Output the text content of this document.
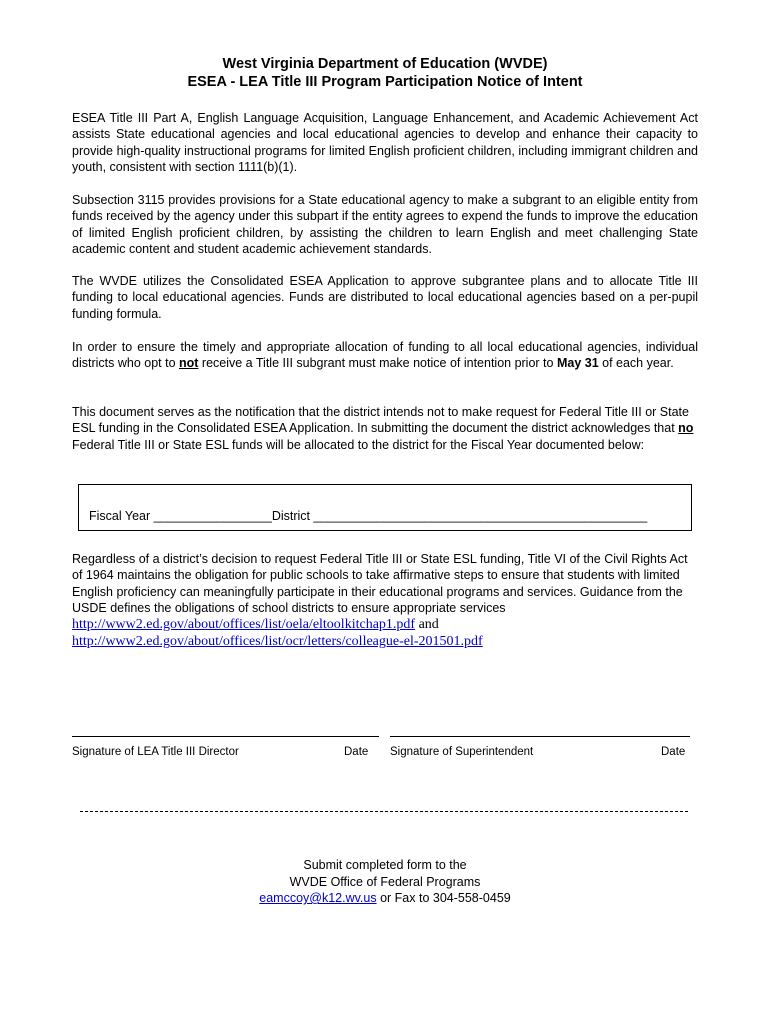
West Virginia Department of Education (WVDE)
ESEA - LEA Title III Program Participation Notice of Intent
ESEA Title III Part A, English Language Acquisition, Language Enhancement, and Academic Achievement Act assists State educational agencies and local educational agencies to develop and enhance their capacity to provide high-quality instructional programs for limited English proficient children, including immigrant children and youth, consistent with section 1111(b)(1).
Subsection 3115 provides provisions for a State educational agency to make a subgrant to an eligible entity from funds received by the agency under this subpart if the entity agrees to expend the funds to improve the education of limited English proficient children, by assisting the children to learn English and meet challenging State academic content and student academic achievement standards.
The WVDE utilizes the Consolidated ESEA Application to approve subgrantee plans and to allocate Title III funding to local educational agencies. Funds are distributed to local educational agencies based on a per-pupil funding formula.
In order to ensure the timely and appropriate allocation of funding to all local educational agencies, individual districts who opt to not receive a Title III subgrant must make notice of intention prior to May 31 of each year.
This document serves as the notification that the district intends not to make request for Federal Title III or State ESL funding in the Consolidated ESEA Application. In submitting the document the district acknowledges that no Federal Title III or State ESL funds will be allocated to the district for the Fiscal Year documented below:
Fiscal Year _________________District ________________________________________________
Regardless of a district’s decision to request Federal Title III or State ESL funding, Title VI of the Civil Rights Act of 1964 maintains the obligation for public schools to take affirmative steps to ensure that students with limited English proficiency can meaningfully participate in their educational programs and services. Guidance from the USDE defines the obligations of school districts to ensure appropriate services http://www2.ed.gov/about/offices/list/oela/eltoolkitchap1.pdf and
http://www2.ed.gov/about/offices/list/ocr/letters/colleague-el-201501.pdf
Signature of LEA Title III Director	Date Signature of Superintendent	Date
Submit completed form to the
WVDE Office of Federal Programs
eamccoy@k12.wv.us or Fax to 304-558-0459
